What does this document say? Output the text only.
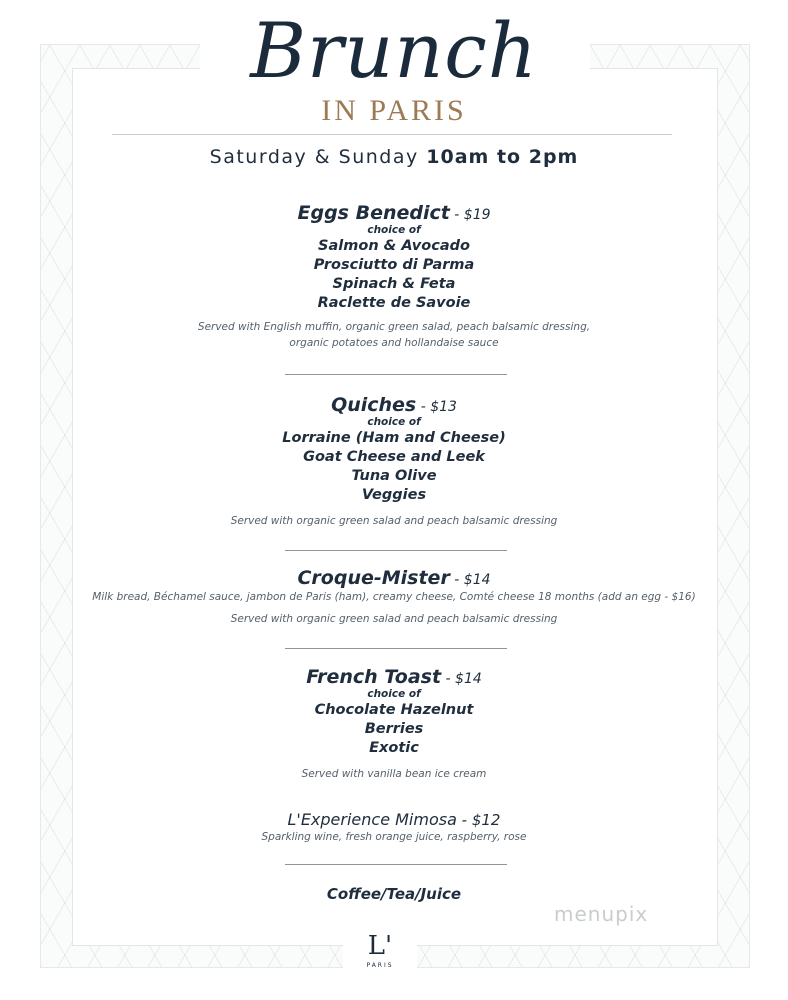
Brunch
IN PARIS
Saturday & Sunday 10am to 2pm
Eggs Benedict - $19
choice of
Salmon & Avocado
Prosciutto di Parma
Spinach & Feta
Raclette de Savoie
Served with English muffin, organic green salad, peach balsamic dressing,
organic potatoes and hollandaise sauce
Quiches - $13
choice of
Lorraine (Ham and Cheese)
Goat Cheese and Leek
Tuna Olive
Veggies
Served with organic green salad and peach balsamic dressing
Croque-Mister - $14
Milk bread, Béchamel sauce, jambon de Paris (ham), creamy cheese, Comté cheese 18 months (add an egg - $16)
Served with organic green salad and peach balsamic dressing
French Toast - $14
choice of
Chocolate Hazelnut
Berries
Exotic
Served with vanilla bean ice cream
L'Experience Mimosa - $12
Sparkling wine, fresh orange juice, raspberry, rose
Coffee/Tea/Juice
menupix
L'
PARIS
